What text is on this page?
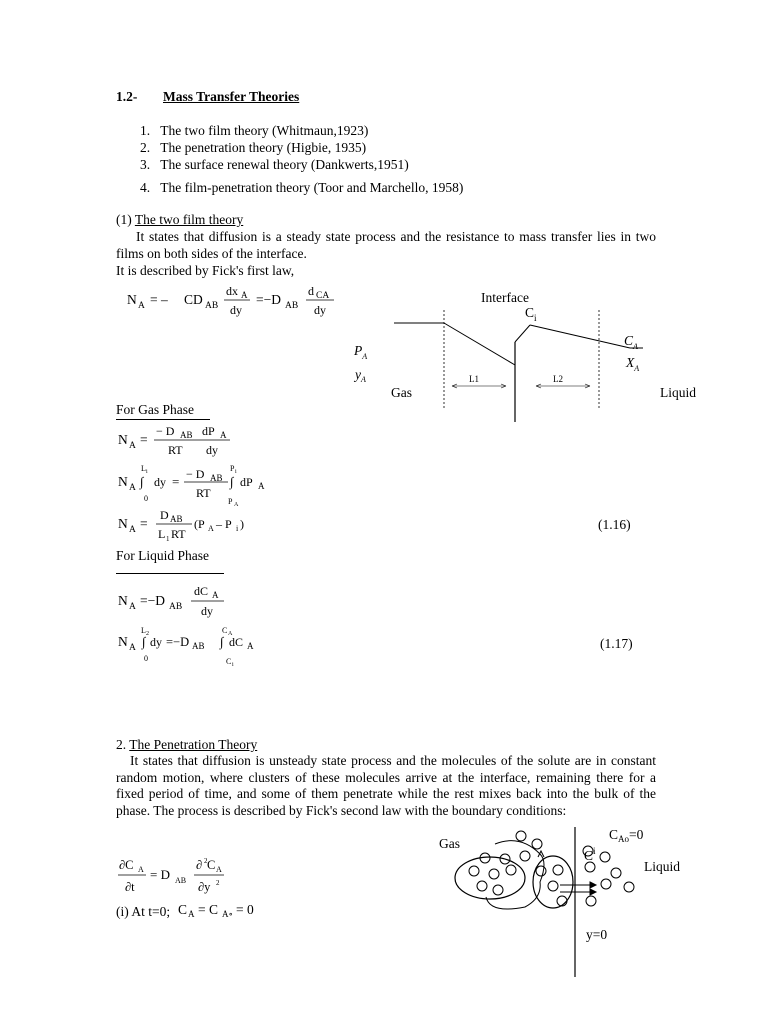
1.2- Mass Transfer Theories
1.   The two film theory (Whitmaun,1923)
2.   The penetration theory (Higbie, 1935)
3.   The surface renewal theory (Dankwerts,1951)
4.   The film-penetration theory (Toor and Marchello, 1958)
(1) The two film theory
It states that diffusion is a steady state process and the resistance to mass transfer lies in two films on both sides of the interface.
It is described by Fick's first law,
N A = – CD AB
dx A
dy
=−D AB
d CA
dy
Interface
$C_i$
L1	L2
$P_A$
$y_A$
$C_A$
$X_A$
Gas	Liquid
For Gas Phase
N A =
− D AB dP A
RT dy
L i
N A ∫ dy =
0
− D AB
RT
P i
∫ dP A
P A
N A =
D AB
L 1 RT
(P A – P i )	(1.16)
For Liquid Phase
N A =−D AB
dC A
dy
L 2
N A ∫ dy =−D AB
C A
∫ dC A
0	C i
(1.17)
2. The Penetration Theory
It states that diffusion is unsteady state process and the molecules of the solute are in constant random motion, where clusters of these molecules arrive at the interface, remaining there for a fixed period of time, and some of them penetrate while the rest mixes back into the bulk of the phase. The process is described by Fick's second law with the boundary conditions:
∂C A
∂t
= D AB
∂ 2 C A
∂y 2
(i) At t=0; C A = C A∘ = 0
Gas
Liquid
$C_{Ao}=0$
$C^i$
y=0
